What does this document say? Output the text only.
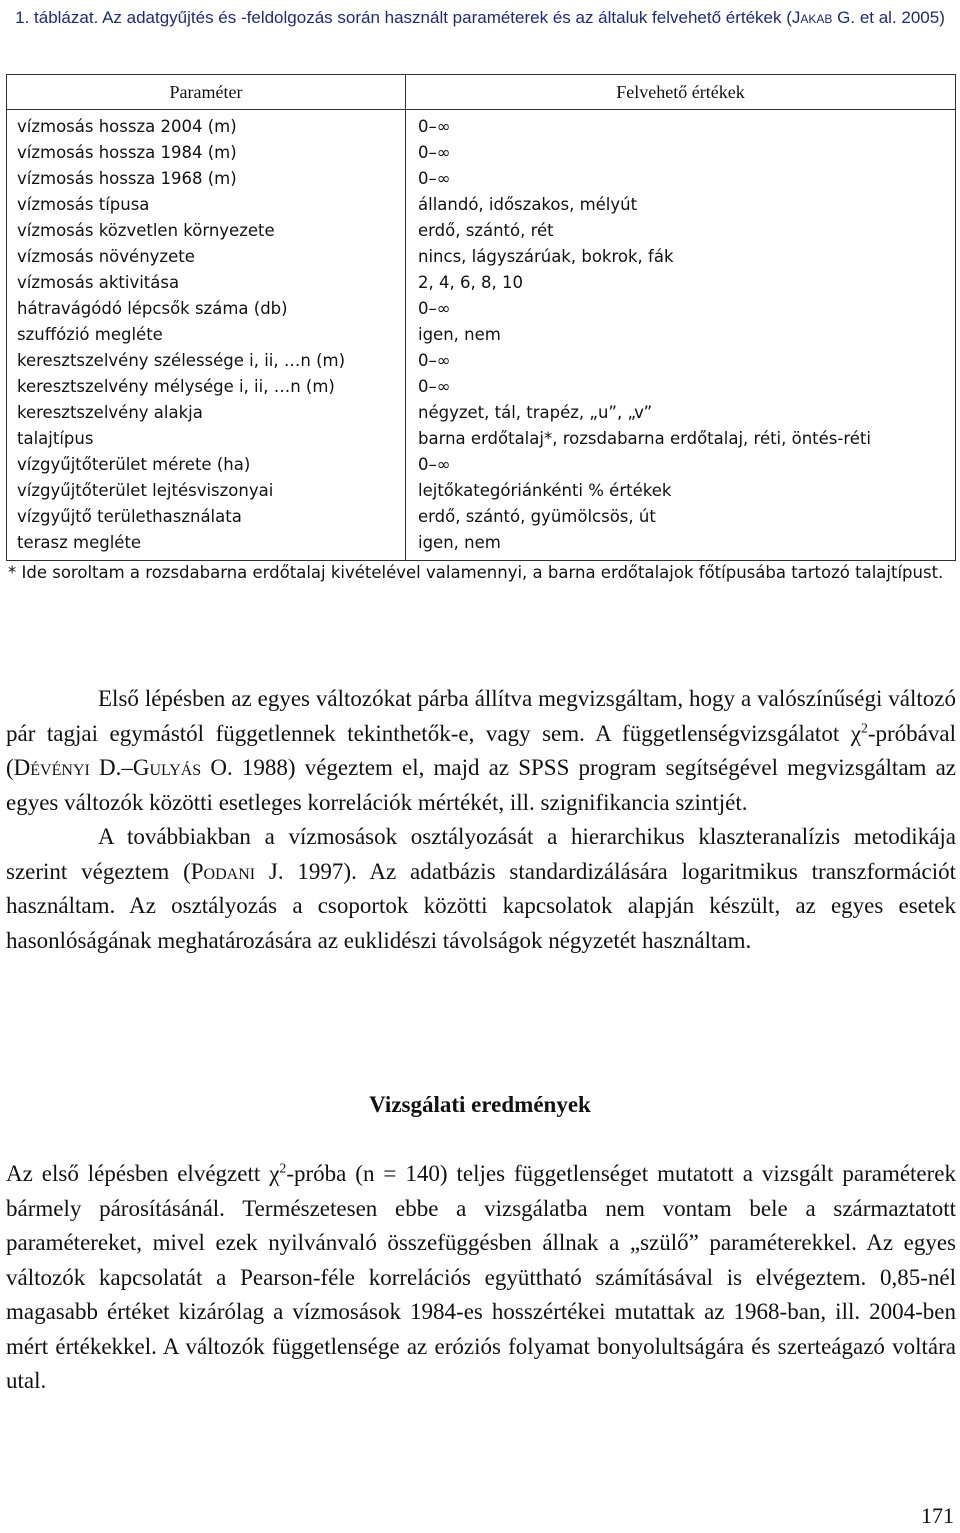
1. táblázat. Az adatgyűjtés és -feldolgozás során használt paraméterek és az általuk felvehető értékek (Jakab G. et al. 2005)
Paraméter	Felvehető értékek
vízmosás hossza 2004 (m)	0–∞
vízmosás hossza 1984 (m)	0–∞
vízmosás hossza 1968 (m)	0–∞
vízmosás típusa	állandó, időszakos, mélyút
vízmosás közvetlen környezete	erdő, szántó, rét
vízmosás növényzete	nincs, lágyszárúak, bokrok, fák
vízmosás aktivitása	2, 4, 6, 8, 10
hátravágódó lépcsők száma (db)	0–∞
szuffózió megléte	igen, nem
keresztszelvény szélessége i, ii, …n (m)	0–∞
keresztszelvény mélysége i, ii, …n (m)	0–∞
keresztszelvény alakja	négyzet, tál, trapéz, „u”, „v”
talajtípus	barna erdőtalaj*, rozsdabarna erdőtalaj, réti, öntés-réti
vízgyűjtőterület mérete (ha)	0–∞
vízgyűjtőterület lejtésviszonyai	lejtőkategóriánkénti % értékek
vízgyűjtő területhasználata	erdő, szántó, gyümölcsös, út
terasz megléte	igen, nem
* Ide soroltam a rozsdabarna erdőtalaj kivételével valamennyi, a barna erdőtalajok főtípusába tartozó talajtípust.

Első lépésben az egyes változókat párba állítva megvizsgáltam, hogy a valószínűségi változó pár tagjai egymástól függetlennek tekinthetők-e, vagy sem. A függetlenségvizsgálatot $\chi^2$-próbával (Dévényi D.–Gulyás O. 1988) végeztem el, majd az SPSS program segítségével megvizsgáltam az egyes változók közötti esetleges korrelációk mértékét, ill. szignifikancia szintjét.

A továbbiakban a vízmosások osztályozását a hierarchikus klaszteranalízis metodikája szerint végeztem (Podani J. 1997). Az adatbázis standardizálására logaritmikus transzformációt használtam. Az osztályozás a csoportok közötti kapcsolatok alapján készült, az egyes esetek hasonlóságának meghatározására az euklidészi távolságok négyzetét használtam.

Vizsgálati eredmények

Az első lépésben elvégzett $\chi^2$-próba (n = 140) teljes függetlenséget mutatott a vizsgált paraméterek bármely párosításánál. Természetesen ebbe a vizsgálatba nem vontam bele a származtatott paramétereket, mivel ezek nyilvánvaló összefüggésben állnak a „szülő” paraméterekkel. Az egyes változók kapcsolatát a Pearson-féle korrelációs együttható számításával is elvégeztem. 0,85-nél magasabb értéket kizárólag a vízmosások 1984-es hosszértékei mutattak az 1968-ban, ill. 2004-ben mért értékekkel. A változók függetlensége az eróziós folyamat bonyolultságára és szerteágazó voltára utal.

171
